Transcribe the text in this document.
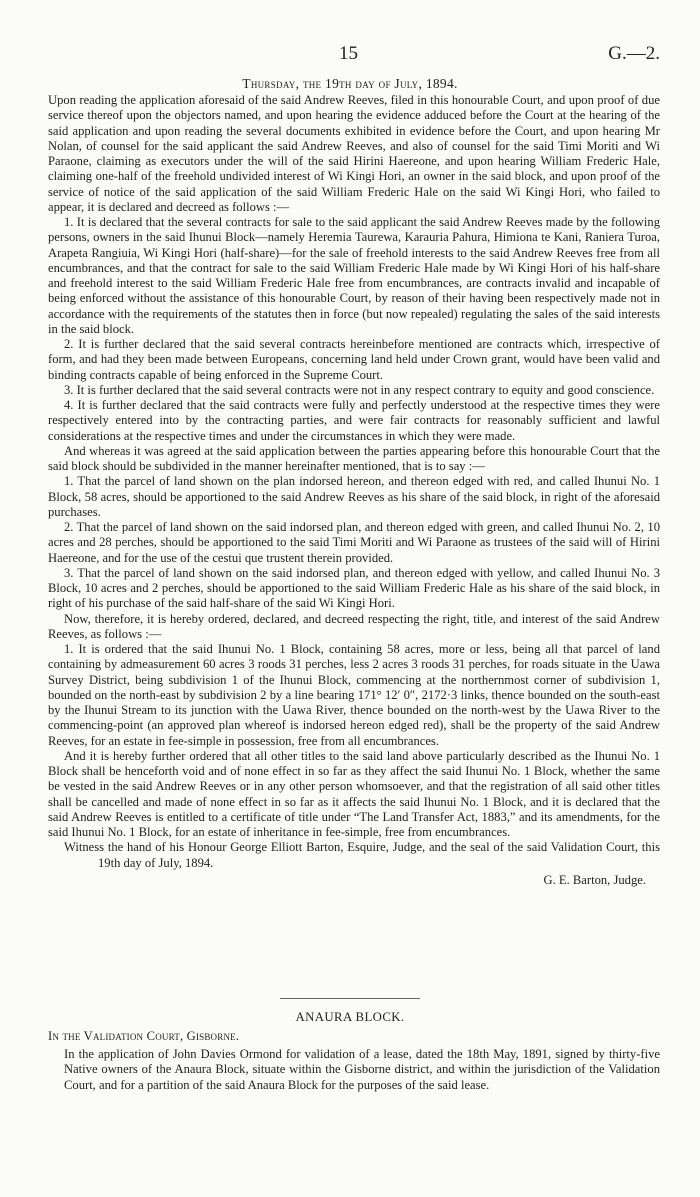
15	G.—2.
Thursday, the 19th day of July, 1894.

Upon reading the application aforesaid of the said Andrew Reeves, filed in this honourable Court, and upon proof of due service thereof upon the objectors named, and upon hearing the evidence adduced before the Court at the hearing of the said application and upon reading the several documents exhibited in evidence before the Court, and upon hearing Mr Nolan, of counsel for the said applicant the said Andrew Reeves, and also of counsel for the said Timi Moriti and Wi Paraone, claiming as executors under the will of the said Hirini Haereone, and upon hearing William Frederic Hale, claiming one-half of the freehold undivided interest of Wi Kingi Hori, an owner in the said block, and upon proof of the service of notice of the said application of the said William Frederic Hale on the said Wi Kingi Hori, who failed to appear, it is declared and decreed as follows :—

1. It is declared that the several contracts for sale to the said applicant the said Andrew Reeves made by the following persons, owners in the said Ihunui Block—namely Heremia Taurewa, Karauria Pahura, Himiona te Kani, Raniera Turoa, Arapeta Rangiuia, Wi Kingi Hori (half-share)—for the sale of freehold interests to the said Andrew Reeves free from all encumbrances, and that the contract for sale to the said William Frederic Hale made by Wi Kingi Hori of his half-share and freehold interest to the said William Frederic Hale free from encumbrances, are contracts invalid and incapable of being enforced without the assistance of this honourable Court, by reason of their having been respectively made not in accordance with the requirements of the statutes then in force (but now repealed) regulating the sales of the said interests in the said block.

2. It is further declared that the said several contracts hereinbefore mentioned are contracts which, irrespective of form, and had they been made between Europeans, concerning land held under Crown grant, would have been valid and binding contracts capable of being enforced in the Supreme Court.

3. It is further declared that the said several contracts were not in any respect contrary to equity and good conscience.

4. It is further declared that the said contracts were fully and perfectly understood at the respective times they were respectively entered into by the contracting parties, and were fair contracts for reasonably sufficient and lawful considerations at the respective times and under the circumstances in which they were made.

And whereas it was agreed at the said application between the parties appearing before this honourable Court that the said block should be subdivided in the manner hereinafter mentioned, that is to say :—

1. That the parcel of land shown on the plan indorsed hereon, and thereon edged with red, and called Ihunui No. 1 Block, 58 acres, should be apportioned to the said Andrew Reeves as his share of the said block, in right of the aforesaid purchases.

2. That the parcel of land shown on the said indorsed plan, and thereon edged with green, and called Ihunui No. 2, 10 acres and 28 perches, should be apportioned to the said Timi Moriti and Wi Paraone as trustees of the said will of Hirini Haereone, and for the use of the cestui que trustent therein provided.

3. That the parcel of land shown on the said indorsed plan, and thereon edged with yellow, and called Ihunui No. 3 Block, 10 acres and 2 perches, should be apportioned to the said William Frederic Hale as his share of the said block, in right of his purchase of the said half-share of the said Wi Kingi Hori.

Now, therefore, it is hereby ordered, declared, and decreed respecting the right, title, and interest of the said Andrew Reeves, as follows :—

1. It is ordered that the said Ihunui No. 1 Block, containing 58 acres, more or less, being all that parcel of land containing by admeasurement 60 acres 3 roods 31 perches, less 2 acres 3 roods 31 perches, for roads situate in the Uawa Survey District, being subdivision 1 of the Ihunui Block, commencing at the northernmost corner of subdivision 1, bounded on the north-east by subdivision 2 by a line bearing 171° 12′ 0″, 2172·3 links, thence bounded on the south-east by the Ihunui Stream to its junction with the Uawa River, thence bounded on the north-west by the Uawa River to the commencing-point (an approved plan whereof is indorsed hereon edged red), shall be the property of the said Andrew Reeves, for an estate in fee-simple in possession, free from all encumbrances.

And it is hereby further ordered that all other titles to the said land above particularly described as the Ihunui No. 1 Block shall be henceforth void and of none effect in so far as they affect the said Ihunui No. 1 Block, whether the same be vested in the said Andrew Reeves or in any other person whomsoever, and that the registration of all said other titles shall be cancelled and made of none effect in so far as it affects the said Ihunui No. 1 Block, and it is declared that the said Andrew Reeves is entitled to a certificate of title under “The Land Transfer Act, 1883,” and its amendments, for the said Ihunui No. 1 Block, for an estate of inheritance in fee-simple, free from encumbrances.

Witness the hand of his Honour George Elliott Barton, Esquire, Judge, and the seal of the said Validation Court, this 19th day of July, 1894.

G. E. Barton, Judge.

ANAURA BLOCK.
In the Validation Court, Gisborne.

In the application of John Davies Ormond for validation of a lease, dated the 18th May, 1891, signed by thirty-five Native owners of the Anaura Block, situate within the Gisborne district, and within the jurisdiction of the Validation Court, and for a partition of the said Anaura Block for the purposes of the said lease.
